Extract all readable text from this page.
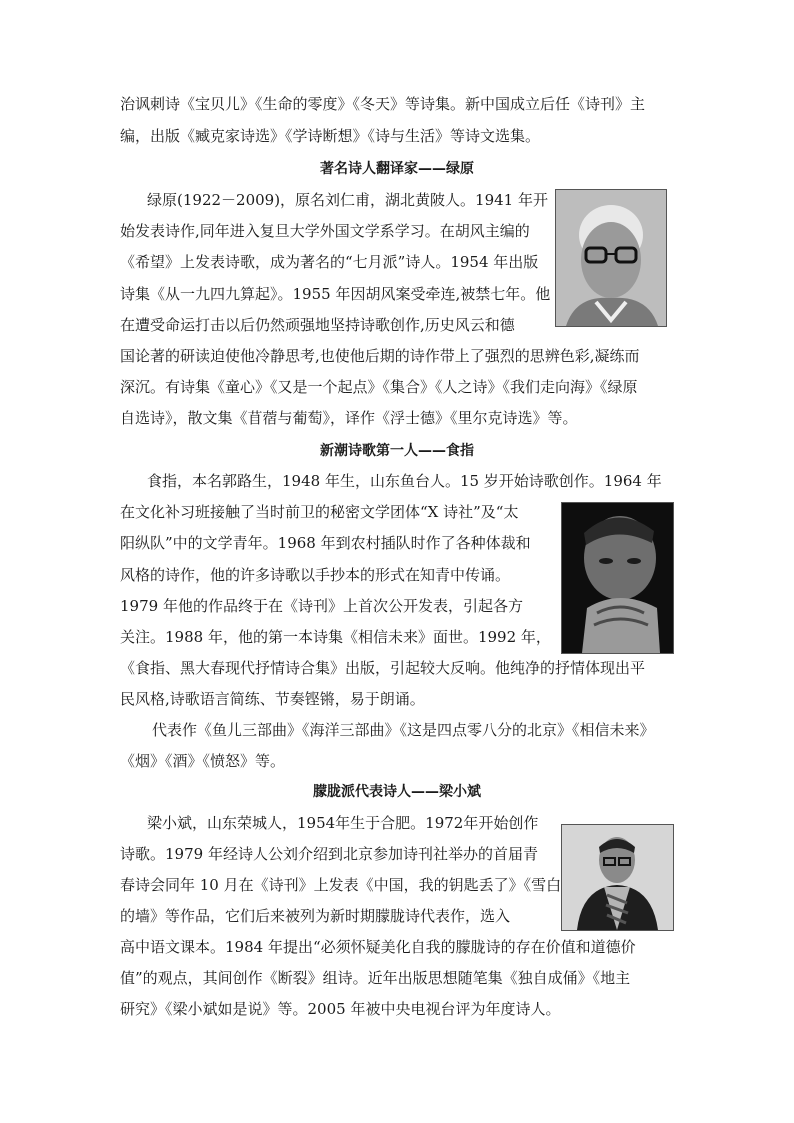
治讽刺诗《宝贝儿》《生命的零度》《冬天》等诗集。新中国成立后任《诗刊》主
编，出版《臧克家诗选》《学诗断想》《诗与生活》等诗文选集。
著名诗人翻译家——绿原
绿原(1922－2009)，原名刘仁甫，湖北黄陂人。1941 年开
始发表诗作,同年进入复旦大学外国文学系学习。在胡风主编的
《希望》上发表诗歌，成为著名的“七月派”诗人。1954 年出版
诗集《从一九四九算起》。1955 年因胡风案受牵连,被禁七年。他
在遭受命运打击以后仍然顽强地坚持诗歌创作,历史风云和德
国论著的研读迫使他冷静思考,也使他后期的诗作带上了强烈的思辨色彩,凝练而
深沉。有诗集《童心》《又是一个起点》《集合》《人之诗》《我们走向海》《绿原
自选诗》，散文集《苜蓿与葡萄》，译作《浮士德》《里尔克诗选》等。
新潮诗歌第一人——食指
食指，本名郭路生，1948 年生，山东鱼台人。15 岁开始诗歌创作。1964 年
在文化补习班接触了当时前卫的秘密文学团体“X 诗社”及“太
阳纵队”中的文学青年。1968 年到农村插队时作了各种体裁和
风格的诗作，他的许多诗歌以手抄本的形式在知青中传诵。
1979 年他的作品终于在《诗刊》上首次公开发表，引起各方
关注。1988 年，他的第一本诗集《相信未来》面世。1992 年，
《食指、黑大春现代抒情诗合集》出版，引起较大反响。他纯净的抒情体现出平
民风格,诗歌语言简练、节奏铿锵，易于朗诵。
代表作《鱼儿三部曲》《海洋三部曲》《这是四点零八分的北京》《相信未来》
《烟》《酒》《愤怒》等。
朦胧派代表诗人——梁小斌
梁小斌，山东荣城人，1954年生于合肥。1972年开始创作
诗歌。1979 年经诗人公刘介绍到北京参加诗刊社举办的首届青
春诗会同年 10 月在《诗刊》上发表《中国，我的钥匙丢了》《雪白
的墙》等作品，它们后来被列为新时期朦胧诗代表作，选入
高中语文课本。1984 年提出“必须怀疑美化自我的朦胧诗的存在价值和道德价
值”的观点，其间创作《断裂》组诗。近年出版思想随笔集《独自成俑》《地主
研究》《梁小斌如是说》等。2005 年被中央电视台评为年度诗人。
